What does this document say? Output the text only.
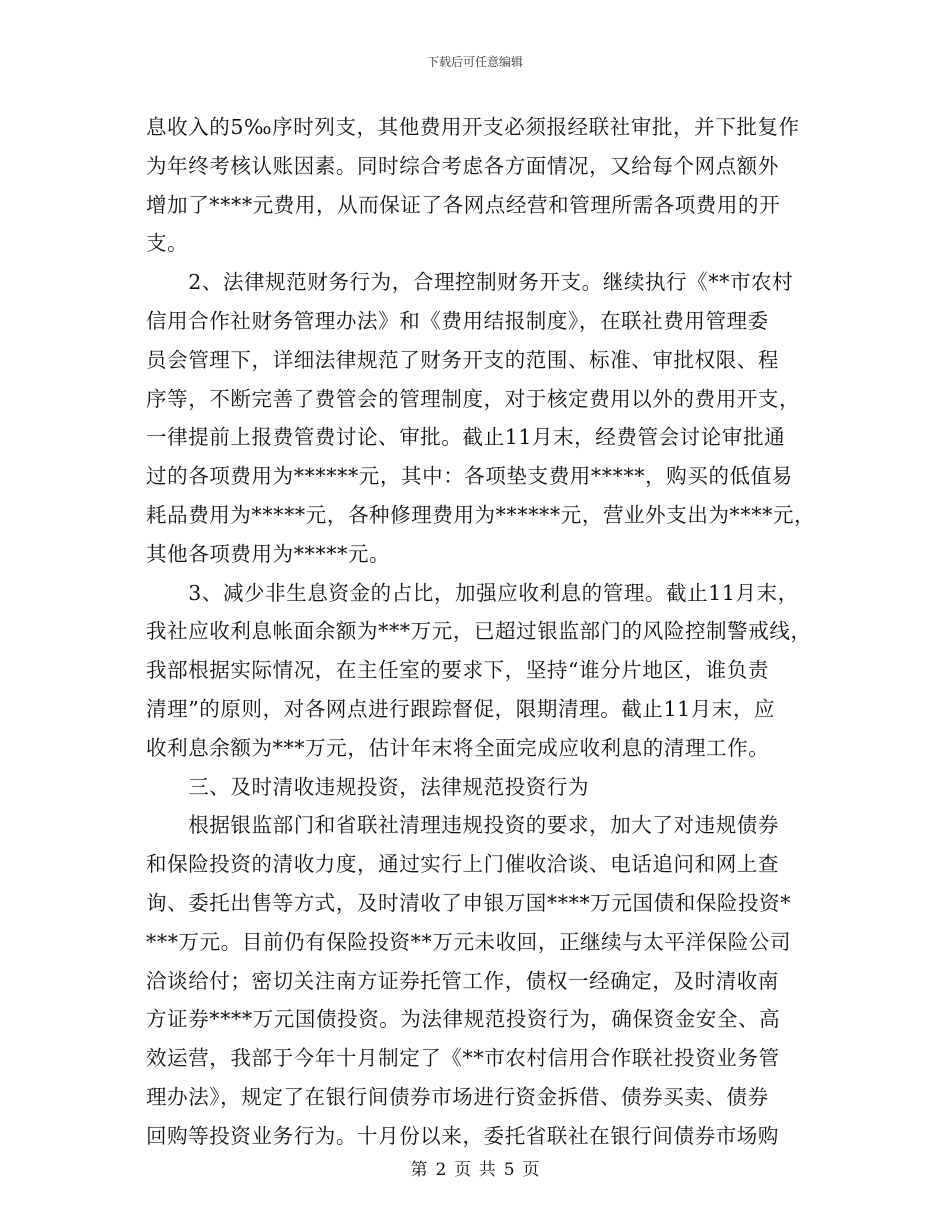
下载后可任意编辑
息收入的5‰序时列支，其他费用开支必须报经联社审批，并下批复作
为年终考核认账因素。同时综合考虑各方面情况，又给每个网点额外
增加了****元费用，从而保证了各网点经营和管理所需各项费用的开
支。
　　2、法律规范财务行为，合理控制财务开支。继续执行《**市农村
信用合作社财务管理办法》和《费用结报制度》，在联社费用管理委
员会管理下，详细法律规范了财务开支的范围、标准、审批权限、程
序等，不断完善了费管会的管理制度，对于核定费用以外的费用开支，
一律提前上报费管费讨论、审批。截止11月末，经费管会讨论审批通
过的各项费用为******元，其中：各项垫支费用*****，购买的低值易
耗品费用为*****元，各种修理费用为******元，营业外支出为****元，
其他各项费用为*****元。
　　3、减少非生息资金的占比，加强应收利息的管理。截止11月末，
我社应收利息帐面余额为***万元，已超过银监部门的风险控制警戒线，
我部根据实际情况，在主任室的要求下，坚持“谁分片地区，谁负责
清理”的原则，对各网点进行跟踪督促，限期清理。截止11月末，应
收利息余额为***万元，估计年末将全面完成应收利息的清理工作。
　　三、及时清收违规投资，法律规范投资行为
　　根据银监部门和省联社清理违规投资的要求，加大了对违规债券
和保险投资的清收力度，通过实行上门催收洽谈、电话追问和网上查
询、委托出售等方式，及时清收了申银万国****万元国债和保险投资*
***万元。目前仍有保险投资**万元未收回，正继续与太平洋保险公司
洽谈给付；密切关注南方证券托管工作，债权一经确定，及时清收南
方证券****万元国债投资。为法律规范投资行为，确保资金安全、高
效运营，我部于今年十月制定了《**市农村信用合作联社投资业务管
理办法》，规定了在银行间债券市场进行资金拆借、债券买卖、债券
回购等投资业务行为。十月份以来，委托省联社在银行间债券市场购
第 2 页 共 5 页
